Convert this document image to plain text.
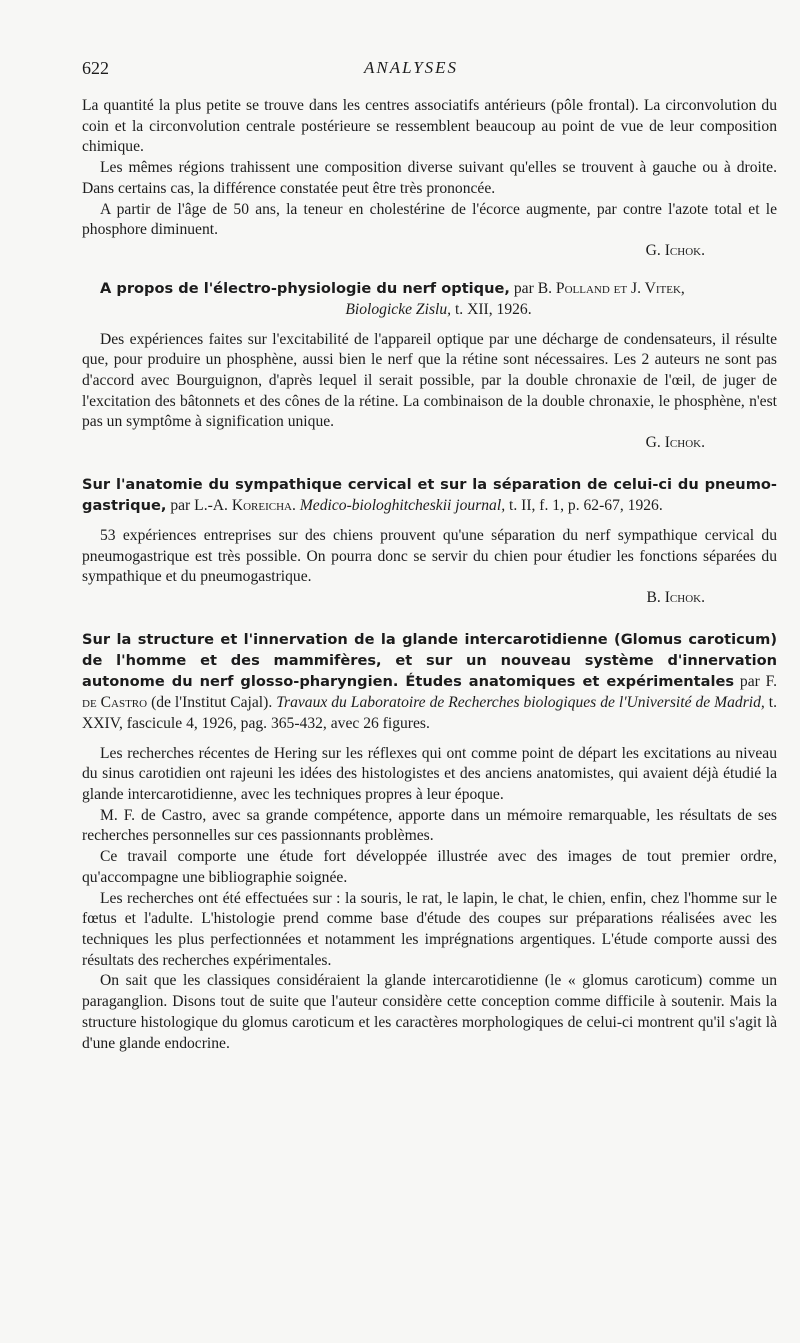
622	ANALYSES

La quantité la plus petite se trouve dans les centres associatifs antérieurs (pôle frontal). La circonvolution du coin et la circonvolution centrale postérieure se ressemblent beaucoup au point de vue de leur composition chimique.

Les mêmes régions trahissent une composition diverse suivant qu'elles se trouvent à gauche ou à droite. Dans certains cas, la différence constatée peut être très prononcée.

A partir de l'âge de 50 ans, la teneur en cholestérine de l'écorce augmente, par contre l'azote total et le phosphore diminuent.

G. Ichok.

A propos de l'électro-physiologie du nerf optique, par B. Polland et J. Vitek,
Biologicke Zislu, t. XII, 1926.

Des expériences faites sur l'excitabilité de l'appareil optique par une décharge de condensateurs, il résulte que, pour produire un phosphène, aussi bien le nerf que la rétine sont nécessaires. Les 2 auteurs ne sont pas d'accord avec Bourguignon, d'après lequel il serait possible, par la double chronaxie de l'œil, de juger de l'excitation des bâtonnets et des cônes de la rétine. La combinaison de la double chronaxie, le phosphène, n'est pas un symptôme à signification unique.

G. Ichok.

Sur l'anatomie du sympathique cervical et sur la séparation de celui-ci du pneumo-gastrique, par L.-A. Koreicha. Medico-biologhitcheskii journal, t. II, f. 1, p. 62-67, 1926.

53 expériences entreprises sur des chiens prouvent qu'une séparation du nerf sympathique cervical du pneumogastrique est très possible. On pourra donc se servir du chien pour étudier les fonctions séparées du sympathique et du pneumogastrique.

B. Ichok.

Sur la structure et l'innervation de la glande intercarotidienne (Glomus caroticum) de l'homme et des mammifères, et sur un nouveau système d'innervation autonome du nerf glosso-pharyngien. Études anatomiques et expérimentales par F. de Castro (de l'Institut Cajal). Travaux du Laboratoire de Recherches biologiques de l'Université de Madrid, t. XXIV, fascicule 4, 1926, pag. 365-432, avec 26 figures.

Les recherches récentes de Hering sur les réflexes qui ont comme point de départ les excitations au niveau du sinus carotidien ont rajeuni les idées des histologistes et des anciens anatomistes, qui avaient déjà étudié la glande intercarotidienne, avec les techniques propres à leur époque.

M. F. de Castro, avec sa grande compétence, apporte dans un mémoire remarquable, les résultats de ses recherches personnelles sur ces passionnants problèmes.

Ce travail comporte une étude fort développée illustrée avec des images de tout premier ordre, qu'accompagne une bibliographie soignée.

Les recherches ont été effectuées sur : la souris, le rat, le lapin, le chat, le chien, enfin, chez l'homme sur le fœtus et l'adulte. L'histologie prend comme base d'étude des coupes sur préparations réalisées avec les techniques les plus perfectionnées et notamment les imprégnations argentiques. L'étude comporte aussi des résultats des recherches expérimentales.

On sait que les classiques considéraient la glande intercarotidienne (le « glomus caroticum) comme un paraganglion. Disons tout de suite que l'auteur considère cette conception comme difficile à soutenir. Mais la structure histologique du glomus caroticum et les caractères morphologiques de celui-ci montrent qu'il s'agit là d'une glande endocrine.
